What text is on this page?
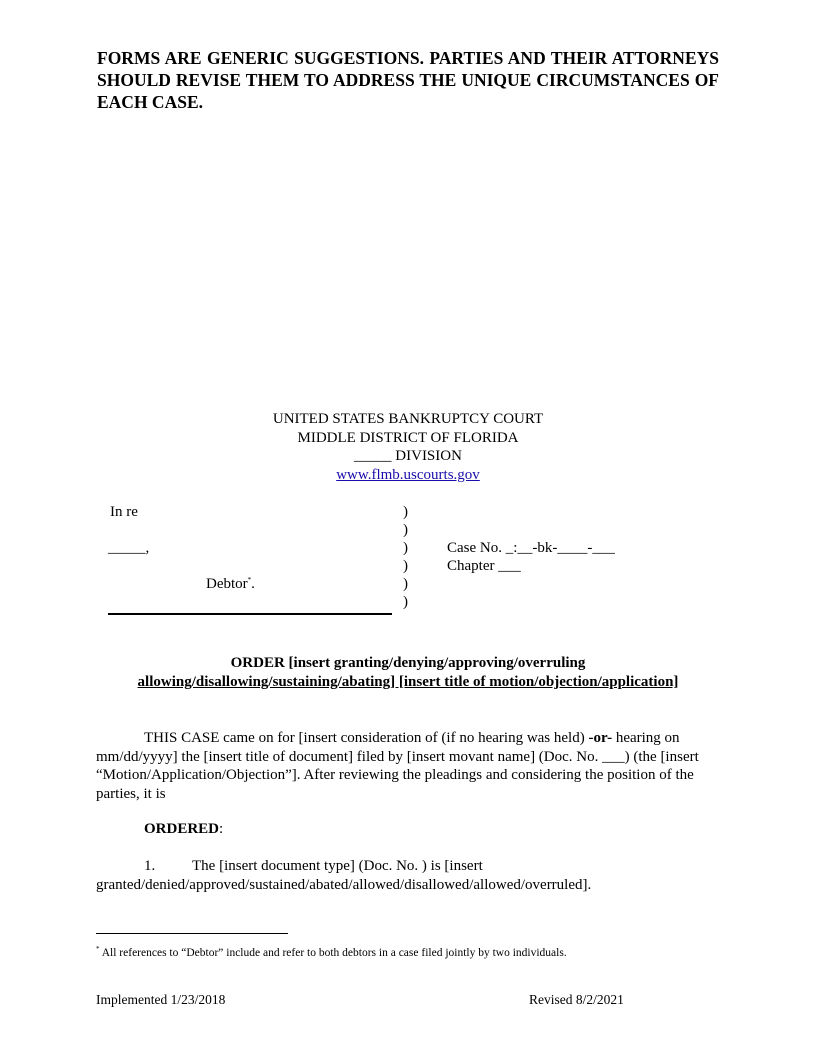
FORMS ARE GENERIC SUGGESTIONS. PARTIES AND THEIR ATTORNEYS SHOULD REVISE THEM TO ADDRESS THE UNIQUE CIRCUMSTANCES OF EACH CASE.
UNITED STATES BANKRUPTCY COURT
MIDDLE DISTRICT OF FLORIDA
_____ DIVISION
www.flmb.uscourts.gov
In re
_____,
Debtor*.
)
)
)
)
)
)
Case No. _:__-bk-____-___
Chapter ___
ORDER [insert granting/denying/approving/overruling
allowing/disallowing/sustaining/abating] [insert title of motion/objection/application]
THIS CASE came on for [insert consideration of (if no hearing was held) -or- hearing on mm/dd/yyyy] the [insert title of document] filed by [insert movant name] (Doc. No. ___) (the [insert “Motion/Application/Objection”]. After reviewing the pleadings and considering the position of the parties, it is
ORDERED:
1. The [insert document type] (Doc. No. ) is [insert granted/denied/approved/sustained/abated/allowed/disallowed/allowed/overruled].
* All references to “Debtor” include and refer to both debtors in a case filed jointly by two individuals.
Implemented 1/23/2018	Revised 8/2/2021
